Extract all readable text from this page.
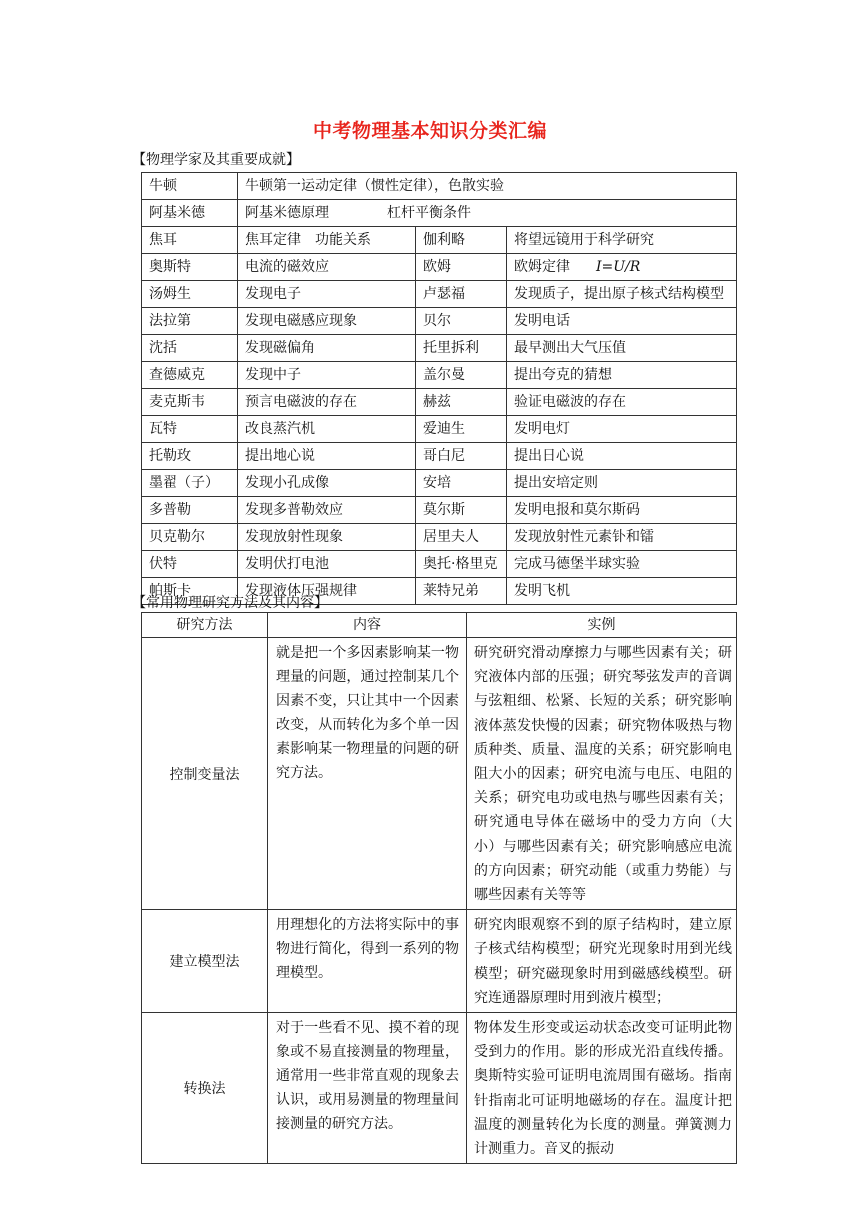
中考物理基本知识分类汇编
【物理学家及其重要成就】
牛顿	牛顿第一运动定律（惯性定律），色散实验		
阿基米德	阿基米德原理 杠杆平衡条件		
焦耳	焦耳定律　功能关系	伽利略	将望远镜用于科学研究
奥斯特	电流的磁效应	欧姆	欧姆定律 I=U/R
汤姆生	发现电子	卢瑟福	发现质子，提出原子核式结构模型
法拉第	发现电磁感应现象	贝尔	发明电话
沈括	发现磁偏角	托里拆利	最早测出大气压值
查德威克	发现中子	盖尔曼	提出夸克的猜想
麦克斯韦	预言电磁波的存在	赫兹	验证电磁波的存在
瓦特	改良蒸汽机	爱迪生	发明电灯
托勒玫	提出地心说	哥白尼	提出日心说
墨翟（子）	发现小孔成像	安培	提出安培定则
多普勒	发现多普勒效应	莫尔斯	发明电报和莫尔斯码
贝克勒尔	发现放射性现象	居里夫人	发现放射性元素钋和镭
伏特	发明伏打电池	奥托·格里克	完成马德堡半球实验
帕斯卡	发现液体压强规律	莱特兄弟	发明飞机
【常用物理研究方法及其内容】
研究方法	内容	实例
控制变量法	就是把一个多因素影响某一物理量的问题，通过控制某几个因素不变，只让其中一个因素改变，从而转化为多个单一因素影响某一物理量的问题的研究方法。	研究研究滑动摩擦力与哪些因素有关；研究液体内部的压强；研究琴弦发声的音调与弦粗细、松紧、长短的关系；研究影响液体蒸发快慢的因素；研究物体吸热与物质种类、质量、温度的关系；研究影响电阻大小的因素；研究电流与电压、电阻的关系；研究电功或电热与哪些因素有关；研究通电导体在磁场中的受力方向（大小）与哪些因素有关；研究影响感应电流的方向因素；研究动能（或重力势能）与哪些因素有关等等
建立模型法	用理想化的方法将实际中的事物进行简化，得到一系列的物理模型。	研究肉眼观察不到的原子结构时，建立原子核式结构模型；研究光现象时用到光线模型；研究磁现象时用到磁感线模型。研究连通器原理时用到液片模型；
转换法	对于一些看不见、摸不着的现象或不易直接测量的物理量，通常用一些非常直观的现象去认识，或用易测量的物理量间接测量的研究方法。	物体发生形变或运动状态改变可证明此物受到力的作用。影的形成光沿直线传播。奥斯特实验可证明电流周围有磁场。指南针指南北可证明地磁场的存在。温度计把温度的测量转化为长度的测量。弹簧测力计测重力。音叉的振动
